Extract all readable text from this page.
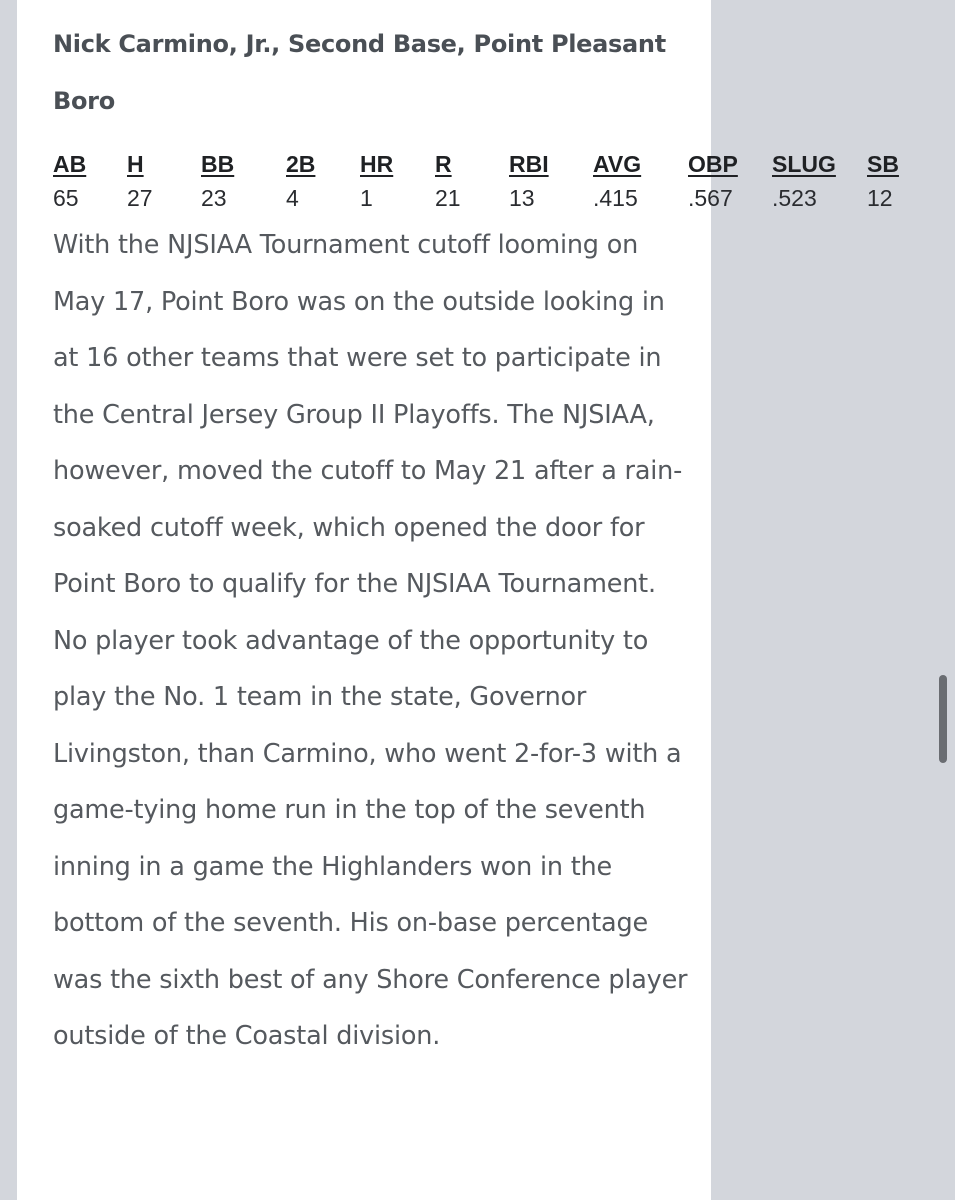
Nick Carmino, Jr., Second Base, Point Pleasant Boro
AB
65
H
27
BB
23
2B
4
HR
1
R
21
RBI
13
AVG
.415
OBP
.567
SLUG
.523
SB
12

With the NJSIAA Tournament cutoff looming on May 17, Point Boro was on the outside looking in at 16 other teams that were set to participate in the Central Jersey Group II Playoffs. The NJSIAA, however, moved the cutoff to May 21 after a rain-soaked cutoff week, which opened the door for Point Boro to qualify for the NJSIAA Tournament. No player took advantage of the opportunity to play the No. 1 team in the state, Governor Livingston, than Carmino, who went 2-for-3 with a game-tying home run in the top of the seventh inning in a game the Highlanders won in the bottom of the seventh. His on-base percentage was the sixth best of any Shore Conference player outside of the Coastal division.
